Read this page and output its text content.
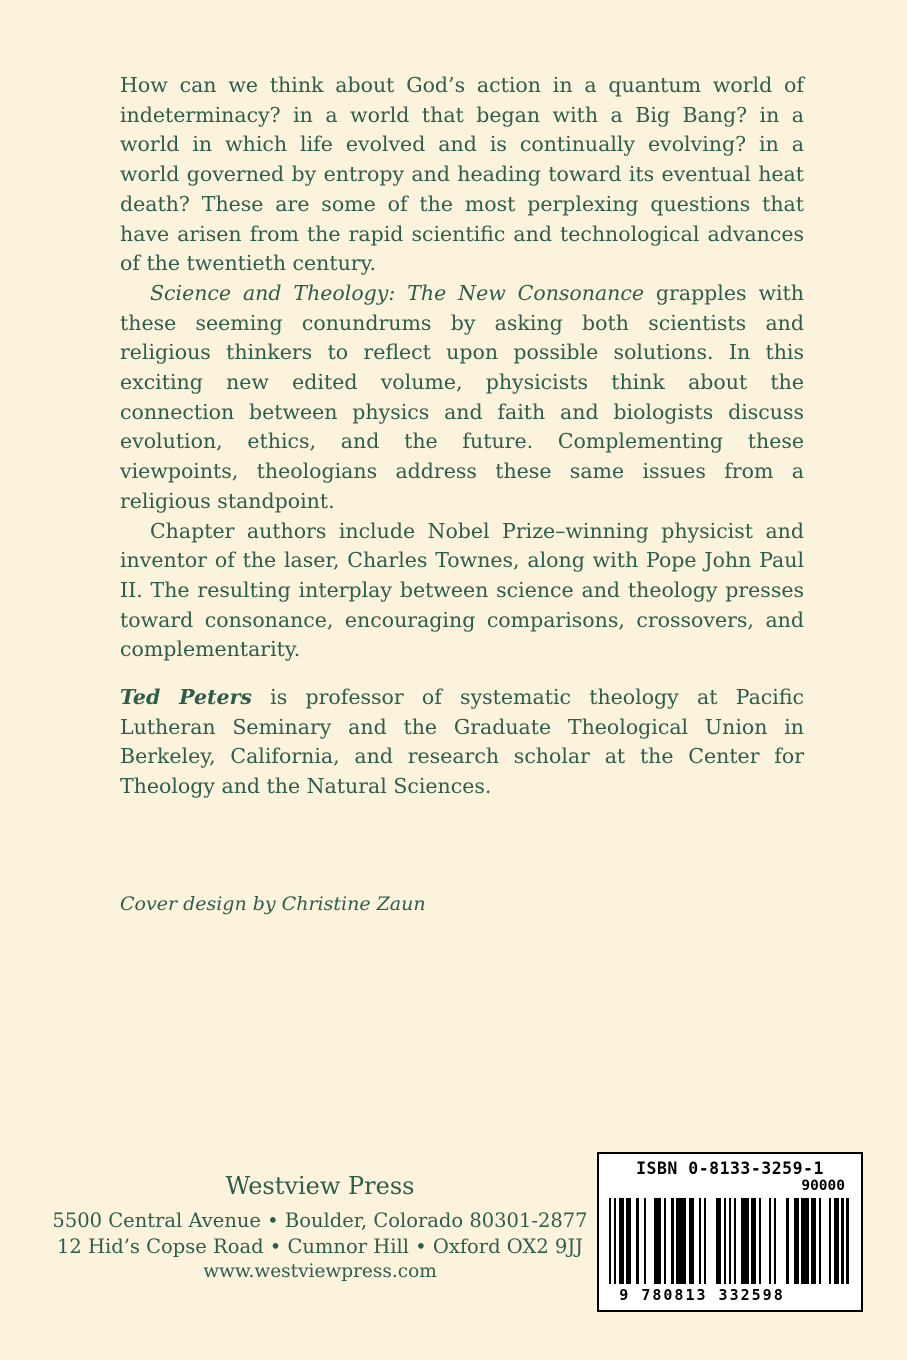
How can we think about God’s action in a quantum world of indeterminacy? in a world that began with a Big Bang? in a world in which life evolved and is continually evolving? in a world governed by entropy and heading toward its eventual heat death? These are some of the most perplexing questions that have arisen from the rapid scientific and technological advances of the twentieth century.

Science and Theology: The New Consonance grapples with these seeming conundrums by asking both scientists and religious thinkers to reflect upon possible solutions. In this exciting new edited volume, physicists think about the connection between physics and faith and biologists discuss evolution, ethics, and the future. Complementing these viewpoints, theologians address these same issues from a religious standpoint.

Chapter authors include Nobel Prize–winning physicist and inventor of the laser, Charles Townes, along with Pope John Paul II. The resulting interplay between science and theology presses toward consonance, encouraging comparisons, crossovers, and complementarity.

Ted Peters is professor of systematic theology at Pacific Lutheran Seminary and the Graduate Theological Union in Berkeley, California, and research scholar at the Center for Theology and the Natural Sciences.

Cover design by Christine Zaun

Westview Press

5500 Central Avenue • Boulder, Colorado 80301-2877

12 Hid’s Copse Road • Cumnor Hill • Oxford OX2 9JJ

www.westviewpress.com

ISBN 0-8133-3259-1
90000
9 780813 332598
